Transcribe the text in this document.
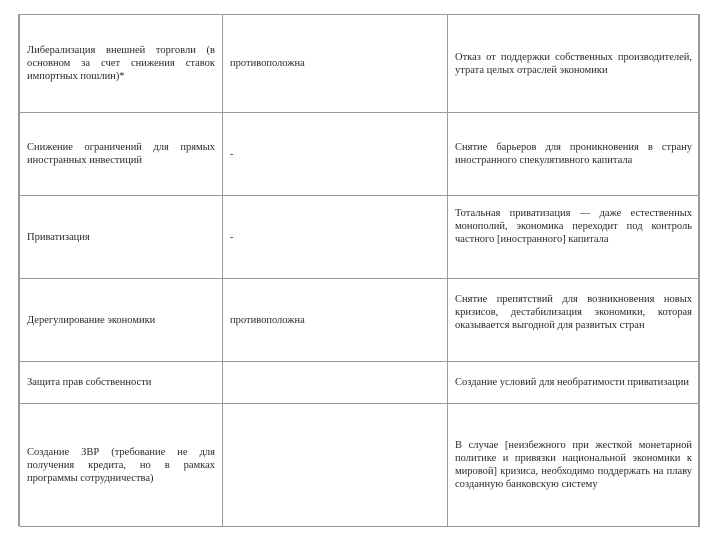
Либерализация внешней торговли (в основном за счет снижения ставок импортных пошлин)*	противоположна	Отказ от поддержки собственных производителей, утрата целых отраслей экономики

Снижение ограничений для прямых иностранных инвестиций	-	Снятие барьеров для проникновения в страну иностранного спекулятивного капитала

Приватизация	-	Тотальная приватизация — даже естественных монополий, экономика переходит под контроль частного [иностранного] капитала

Дерегулирование экономики	противоположна	Снятие препятствий для возникновения новых кризисов, дестабилизация экономики, которая оказывается выгодной для развитых стран

Защита прав собственности		Создание условий для необратимости приватизации

Создание ЗВР (требование не для получения кредита, но в рамках программы сотрудничества)		В случае [неизбежного при жесткой монетарной политике и привязки национальной экономики к мировой] кризиса, необходимо поддержать на плаву созданную банковскую систему
